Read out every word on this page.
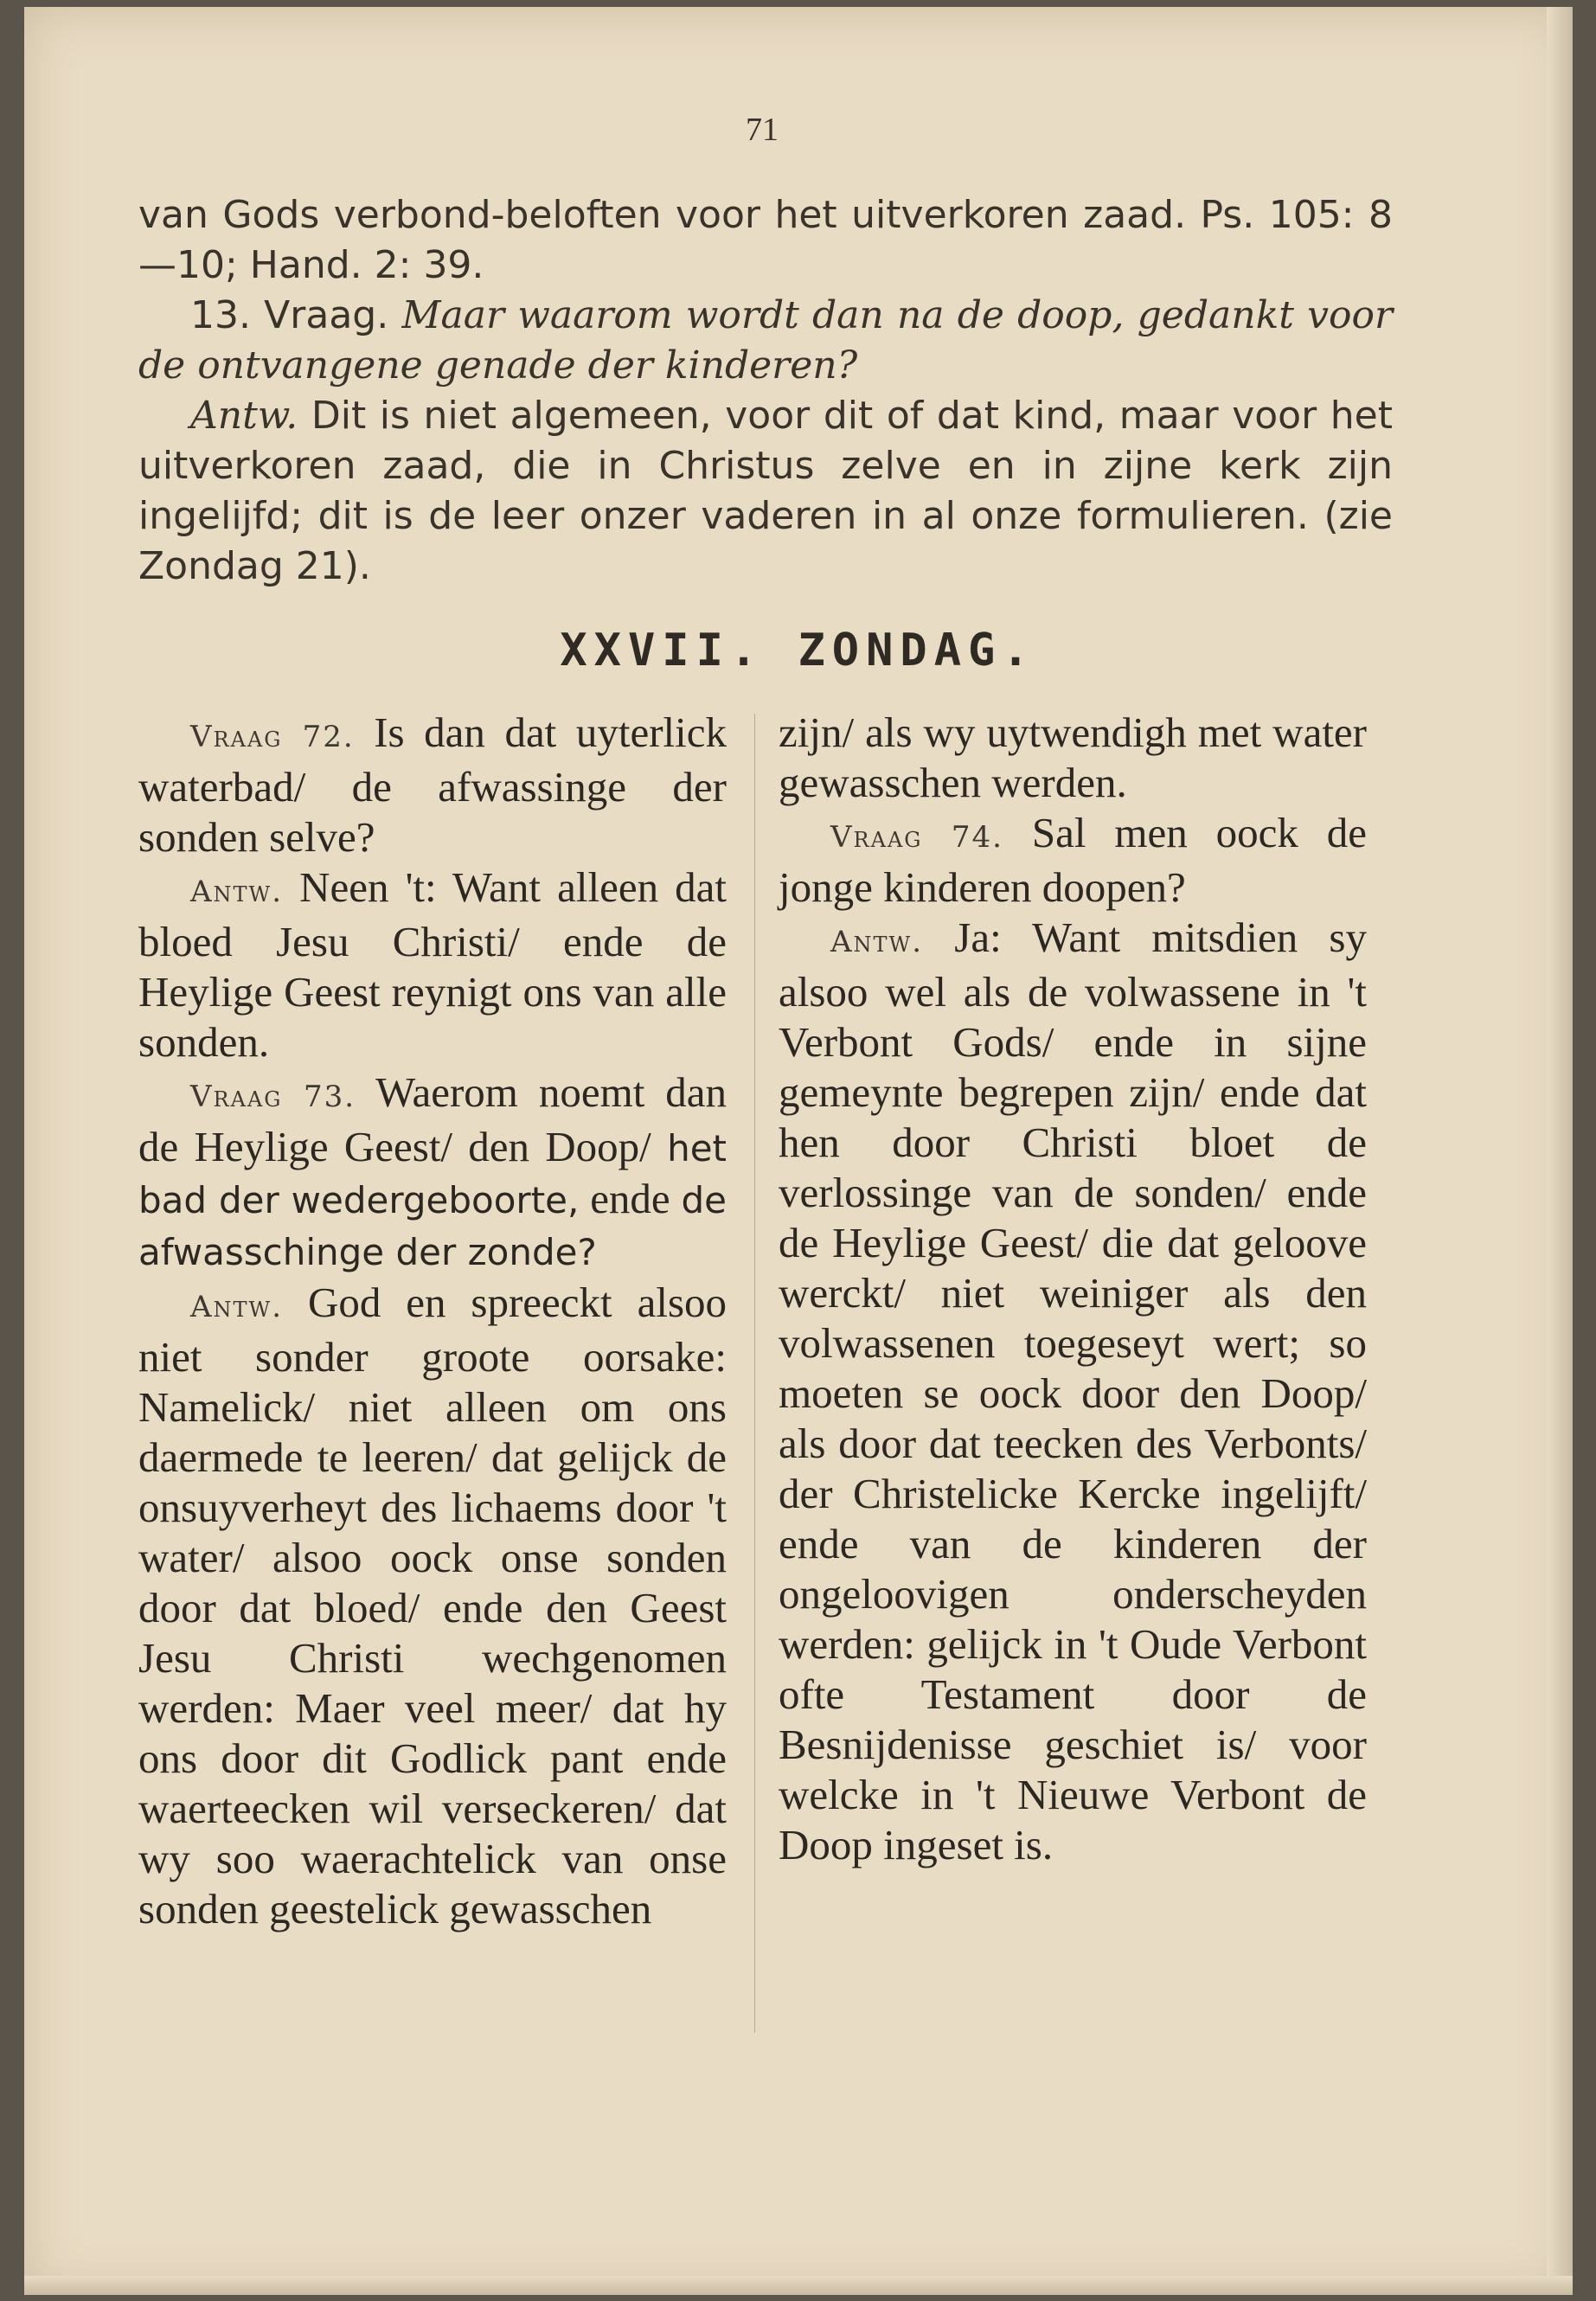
71

van Gods verbond-beloften voor het uitverkoren zaad. Ps. 105: 8—10; Hand. 2: 39.

13. Vraag. Maar waarom wordt dan na de doop, gedankt voor de ontvangene genade der kinderen?

Antw. Dit is niet algemeen, voor dit of dat kind, maar voor het uitverkoren zaad, die in Christus zelve en in zijne kerk zijn ingelijfd; dit is de leer onzer vaderen in al onze formulieren. (zie Zondag 21).

XXVII. ZONDAG.

Vraag 72. Is dan dat uyterlick waterbad/ de afwassinge der sonden selve?

Antw. Neen 't: Want alleen dat bloed Jesu Christi/ ende de Heylige Geest reynigt ons van alle sonden.

Vraag 73. Waerom noemt dan de Heylige Geest/ den Doop/ het bad der wedergeboorte, ende de afwasschinge der zonde?

Antw. God en spreeckt alsoo niet sonder groote oorsake: Namelick/ niet alleen om ons daermede te leeren/ dat gelijck de onsuyverheyt des lichaems door 't water/ alsoo oock onse sonden door dat bloed/ ende den Geest Jesu Christi wechgenomen werden: Maer veel meer/ dat hy ons door dit Godlick pant ende waerteecken wil verseckeren/ dat wy soo waerachtelick van onse sonden geestelick gewasschen

zijn/ als wy uytwendigh met water gewasschen werden.

Vraag 74. Sal men oock de jonge kinderen doopen?

Antw. Ja: Want mitsdien sy alsoo wel als de volwassene in 't Verbont Gods/ ende in sijne gemeynte begrepen zijn/ ende dat hen door Christi bloet de verlossinge van de sonden/ ende de Heylige Geest/ die dat geloove werckt/ niet weiniger als den volwassenen toegeseyt wert; so moeten se oock door den Doop/ als door dat teecken des Verbonts/ der Christelicke Kercke ingelijft/ ende van de kinderen der ongeloovigen onderscheyden werden: gelijck in 't Oude Verbont ofte Testament door de Besnijdenisse geschiet is/ voor welcke in 't Nieuwe Verbont de Doop ingeset is.
